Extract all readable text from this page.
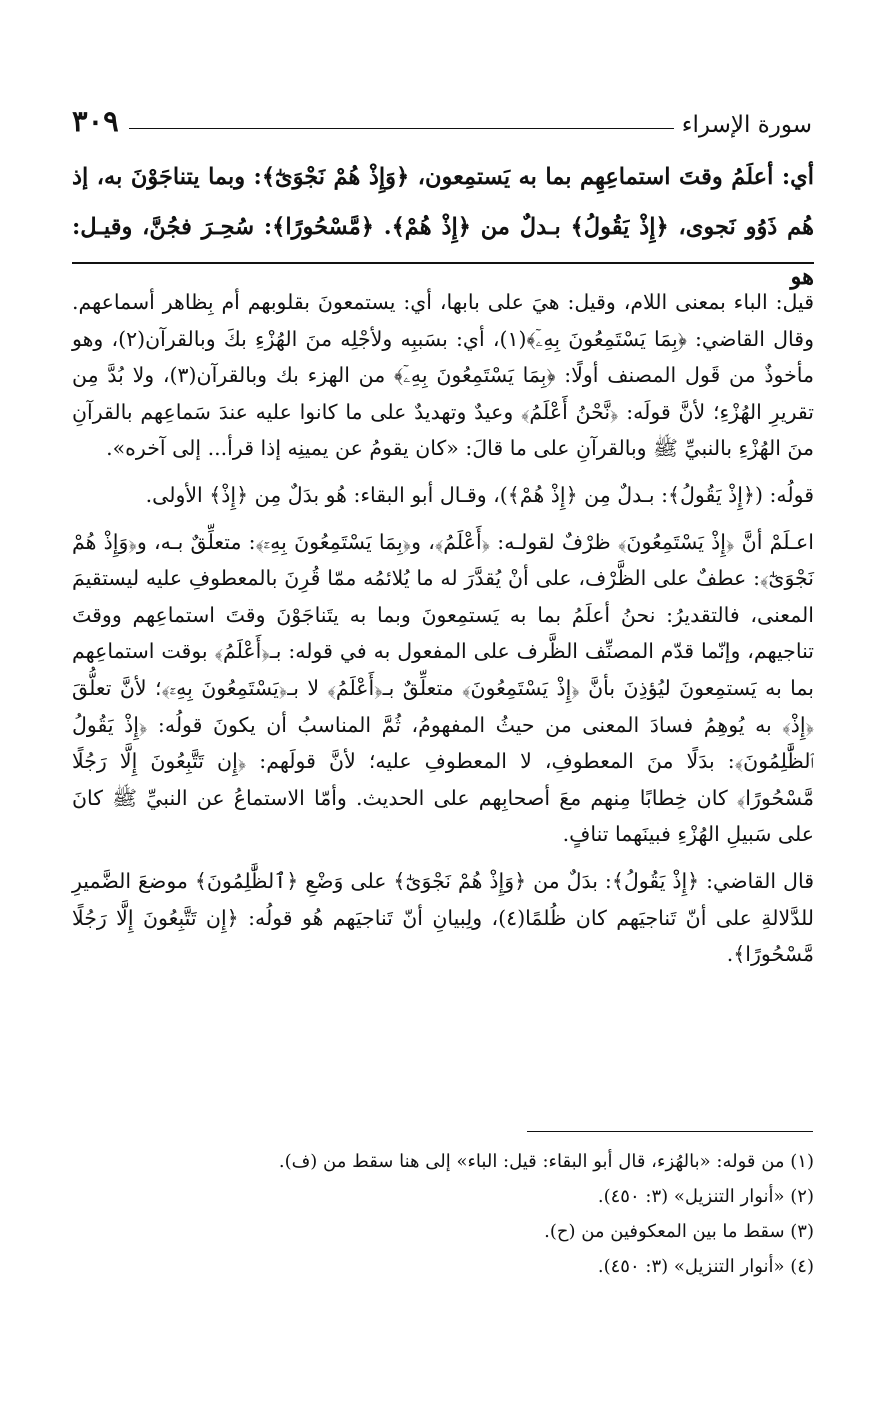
سورة الإسراء
٣٠٩

أي: أعلَمُ وقتَ استماعِهِم بما به يَستمِعون، ﴿وَإِذْ هُمْ نَجْوَىٰٓ﴾: وبما يتناجَوْنَ به، إذ هُم ذَوُو نَجوى، ﴿إِذْ يَقُولُ﴾ بـدلٌ من ﴿إِذْ هُمْ﴾. ﴿مَّسْحُورًا﴾: سُحِـرَ فجُنَّ، وقيـل: هو

قيل: الباء بمعنى اللام، وقيل: هيَ على بابها، أي: يستمعونَ بقلوبهم أم بِظاهر أسماعهم. وقال القاضي: ﴿بِمَا يَسْتَمِعُونَ بِهِۦٓ﴾(١)، أي: بسَببِه ولأجْلِه منَ الهُزْءِ بكَ وبالقرآن(٢)، وهو مأخوذٌ من قَول المصنف أولًا: ﴿بِمَا يَسْتَمِعُونَ بِهِۦٓ﴾ من الهزء بك وبالقرآن(٣)، ولا بُدَّ مِن تقريرِ الهُزْءِ؛ لأنَّ قولَه: ﴿نَّحْنُ أَعْلَمُ﴾ وعيدٌ وتهديدٌ على ما كانوا عليه عندَ سَماعِهم بالقرآنِ منَ الهُزْءِ بالنبيِّ ﷺ وبالقرآنِ على ما قالَ: «كان يقومُ عن يمينِه إذا قرأ... إلى آخره».

قولُه: (﴿إِذْ يَقُولُ﴾: بـدلٌ مِن ﴿إِذْ هُمْ﴾)، وقـال أبو البقاء: هُو بدَلٌ مِن ﴿إِذْ﴾ الأولى.

اعـلَمْ أنَّ ﴿إِذْ يَسْتَمِعُونَ﴾ ظرْفٌ لقولـه: ﴿أَعْلَمُ﴾، و﴿بِمَا يَسْتَمِعُونَ بِهِۦٓ﴾: متعلِّقٌ بـه، و﴿وَإِذْ هُمْ نَجْوَىٰٓ﴾: عطفٌ على الظَّرْف، على أنْ يُقدَّرَ له ما يُلائمُه ممّا قُرِنَ بالمعطوفِ عليه ليستقيمَ المعنى، فالتقديرُ: نحنُ أعلَمُ بما به يَستمِعونَ وبما به يتَناجَوْنَ وقتَ استماعِهم ووقتَ تناجيهم، وإنّما قدّم المصنِّف الظَّرف على المفعول به في قوله: بـ﴿أَعْلَمُ﴾ بوقت استماعِهم بما به يَستمِعونَ ليُؤذِنَ بأنَّ ﴿إِذْ يَسْتَمِعُونَ﴾ متعلِّقٌ بـ﴿أَعْلَمُ﴾ لا بـ﴿يَسْتَمِعُونَ بِهِۦٓ﴾؛ لأنَّ تعلُّقَ ﴿إِذْ﴾ به يُوهِمُ فسادَ المعنى من حيثُ المفهومُ، ثُمَّ المناسبُ أن يكونَ قولُه: ﴿إِذْ يَقُولُ ٱلظَّٰلِمُونَ﴾: بدَلًا منَ المعطوفِ، لا المعطوفِ عليه؛ لأنَّ قولَهم: ﴿إِن تَتَّبِعُونَ إِلَّا رَجُلًا مَّسْحُورًا﴾ كان خِطابًا مِنهم معَ أصحابِهم على الحديث. وأمّا الاستماعُ عن النبيِّ ﷺ كانَ على سَبيلِ الهُزْءِ فبينَهما تنافٍ.

قال القاضي: ﴿إِذْ يَقُولُ﴾: بدَلٌ من ﴿وَإِذْ هُمْ نَجْوَىٰٓ﴾ على وَضْعِ ﴿ٱلظَّٰلِمُونَ﴾ موضعَ الضَّميرِ للدَّلالةِ على أنّ تَناجيَهم كان ظُلمًا(٤)، ولِبيانِ أنّ تَناجيَهم هُو قولُه: ﴿إِن تَتَّبِعُونَ إِلَّا رَجُلًا مَّسْحُورًا﴾.

(١) من قوله: «بالهُزء، قال أبو البقاء: قيل: الباء» إلى هنا سقط من (ف).
(٢) «أنوار التنزيل» (٣: ٤٥٠).
(٣) سقط ما بين المعكوفين من (ح).
(٤) «أنوار التنزيل» (٣: ٤٥٠).
